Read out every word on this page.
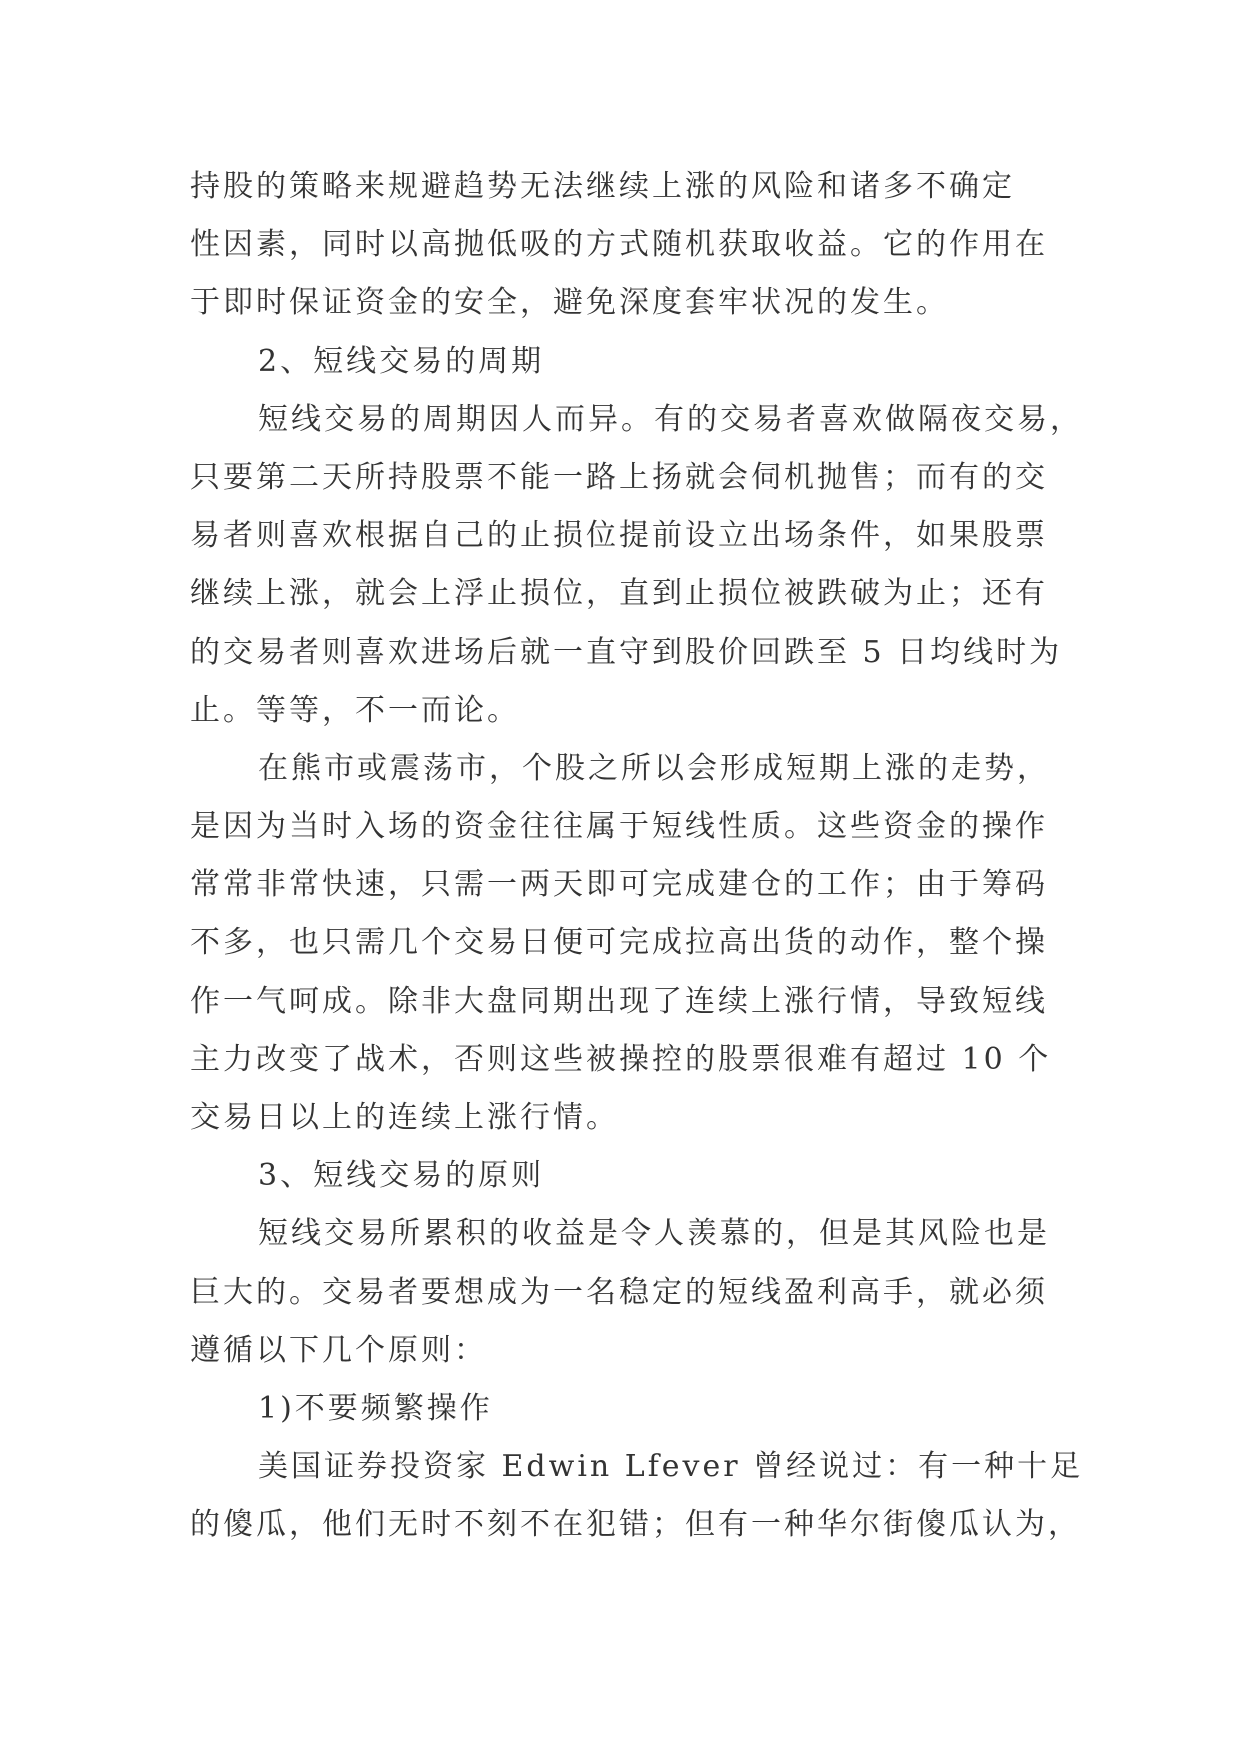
持股的策略来规避趋势无法继续上涨的风险和诸多不确定
性因素，同时以高抛低吸的方式随机获取收益。它的作用在
于即时保证资金的安全，避免深度套牢状况的发生。
2、短线交易的周期
短线交易的周期因人而异。有的交易者喜欢做隔夜交易，
只要第二天所持股票不能一路上扬就会伺机抛售；而有的交
易者则喜欢根据自己的止损位提前设立出场条件，如果股票
继续上涨，就会上浮止损位，直到止损位被跌破为止；还有
的交易者则喜欢进场后就一直守到股价回跌至 5 日均线时为
止。等等，不一而论。
在熊市或震荡市，个股之所以会形成短期上涨的走势，
是因为当时入场的资金往往属于短线性质。这些资金的操作
常常非常快速，只需一两天即可完成建仓的工作；由于筹码
不多，也只需几个交易日便可完成拉高出货的动作，整个操
作一气呵成。除非大盘同期出现了连续上涨行情，导致短线
主力改变了战术，否则这些被操控的股票很难有超过 10 个
交易日以上的连续上涨行情。
3、短线交易的原则
短线交易所累积的收益是令人羡慕的，但是其风险也是
巨大的。交易者要想成为一名稳定的短线盈利高手，就必须
遵循以下几个原则：
1)不要频繁操作
美国证券投资家 Edwin Lfever 曾经说过：有一种十足
的傻瓜，他们无时不刻不在犯错；但有一种华尔街傻瓜认为，
